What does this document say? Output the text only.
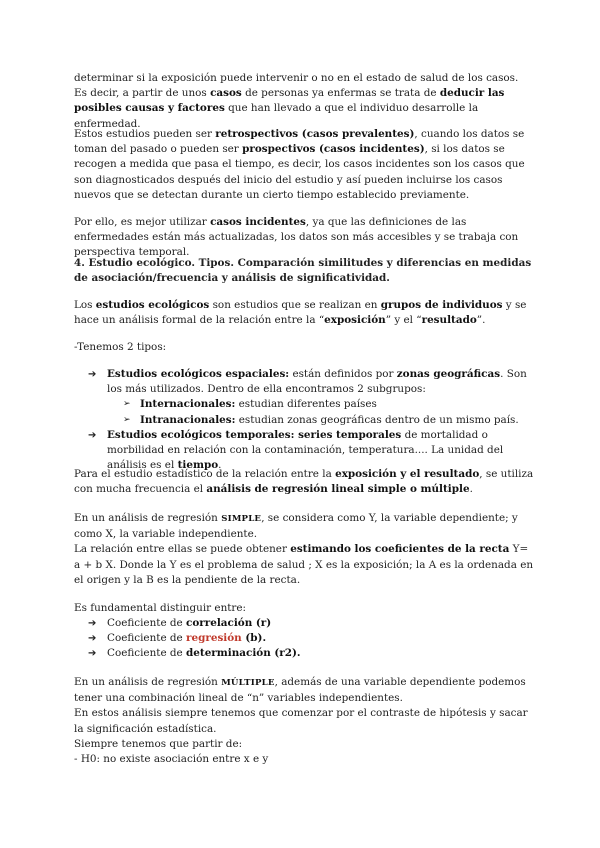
determinar si la exposición puede intervenir o no en el estado de salud de los casos. Es decir, a partir de unos casos de personas ya enfermas se trata de deducir las posibles causas y factores que han llevado a que el individuo desarrolle la enfermedad.

Estos estudios pueden ser retrospectivos (casos prevalentes), cuando los datos se toman del pasado o pueden ser prospectivos (casos incidentes), si los datos se recogen a medida que pasa el tiempo, es decir, los casos incidentes son los casos que son diagnosticados después del inicio del estudio y así pueden incluirse los casos nuevos que se detectan durante un cierto tiempo establecido previamente.

Por ello, es mejor utilizar casos incidentes, ya que las definiciones de las enfermedades están más actualizadas, los datos son más accesibles y se trabaja con perspectiva temporal.

4. Estudio ecológico. Tipos. Comparación similitudes y diferencias en medidas de asociación/frecuencia y análisis de significatividad.

Los estudios ecológicos son estudios que se realizan en grupos de individuos y se hace un análisis formal de la relación entre la “exposición” y el “resultado”.

-Tenemos 2 tipos:
➔ Estudios ecológicos espaciales: están definidos por zonas geográficas. Son los más utilizados. Dentro de ella encontramos 2 subgrupos:
➢ Internacionales: estudian diferentes países
➢ Intranacionales: estudian zonas geográficas dentro de un mismo país.
➔ Estudios ecológicos temporales: series temporales de mortalidad o morbilidad en relación con la contaminación, temperatura.... La unidad del análisis es el tiempo.

Para el estudio estadístico de la relación entre la exposición y el resultado, se utiliza con mucha frecuencia el análisis de regresión lineal simple o múltiple.

En un análisis de regresión SIMPLE, se considera como Y, la variable dependiente; y como X, la variable independiente.

La relación entre ellas se puede obtener estimando los coeficientes de la recta Y= a + b X. Donde la Y es el problema de salud ; X es la exposición; la A es la ordenada en el origen y la B es la pendiente de la recta.

Es fundamental distinguir entre:
➔ Coeficiente de correlación (r)
➔ Coeficiente de regresión (b).
➔ Coeficiente de determinación (r2).

En un análisis de regresión MÚLTIPLE, además de una variable dependiente podemos tener una combinación lineal de “n” variables independientes.

En estos análisis siempre tenemos que comenzar por el contraste de hipótesis y sacar la significación estadística.

Siempre tenemos que partir de:

- H0: no existe asociación entre x e y
